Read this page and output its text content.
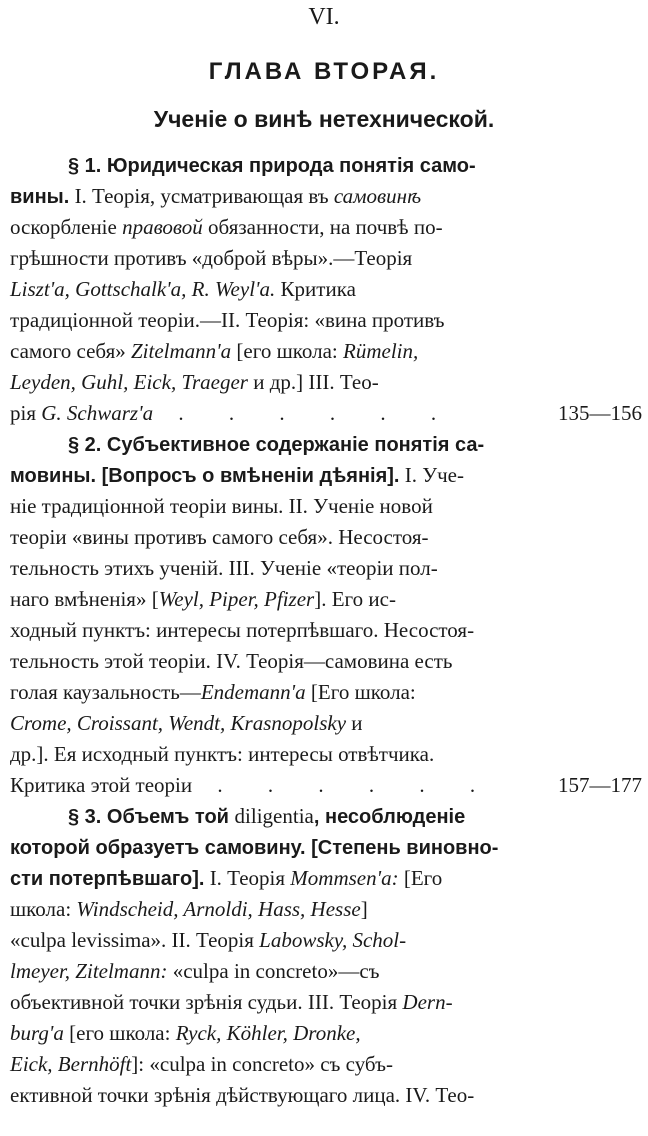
VI.
ГЛАВА ВТОРАЯ.
Ученіе о винѣ нетехнической.
§ 1. Юридическая природа понятія само-
вины. I. Теорія, усматривающая въ самовинѣ
оскорбленіе правовой обязанности, на почвѣ по-
грѣшности противъ «доброй вѣры».—Теорія
Liszt'a, Gottschalk'a, R. Weyl'a. Критика
традиціонной теоріи.—II. Теорія: «вина противъ
самого себя» Zitelmann'a [его школа: Rümelin,
Leyden, Guhl, Eick, Traeger и др.] III. Тео-
рія G. Schwarz'a . . . . . .
§ 2. Субъективное содержаніе понятія са-
мовины. [Вопросъ о вмѣненіи дѣянія]. I. Уче-
ніе традиціонной теоріи вины. II. Ученіе новой
теоріи «вины противъ самого себя». Несостоя-
тельность этихъ ученій. III. Ученіе «теоріи пол-
наго вмѣненія» [Weyl, Piper, Pfizer]. Его ис-
ходный пунктъ: интересы потерпѣвшаго. Несостоя-
тельность этой теоріи. IV. Теорія—самовина есть
голая каузальность—Endemann'a [Его школа:
Crome, Croissant, Wendt, Krasnopolsky и
др.]. Ея исходный пунктъ: интересы отвѣтчика.
Критика этой теоріи . . . . . .
§ 3. Объемъ той diligentia, несоблюденіе
которой образуетъ самовину. [Степень виновно-
сти потерпѣвшаго]. I. Теорія Mommsen'a: [Его
школа: Windscheid, Arnoldi, Hass, Hesse]
«culpa levissima». II. Теорія Labowsky, Schol-
lmeyer, Zitelmann: «culpa in concreto»—съ
объективной точки зрѣнія судьи. III. Теорія Dern-
burg'a [его школа: Ryck, Köhler, Dronke,
Eick, Bernhöft]: «culpa in concreto» съ субъ-
ективной точки зрѣнія дѣйствующаго лица. IV. Тео-
135—156
157—177
